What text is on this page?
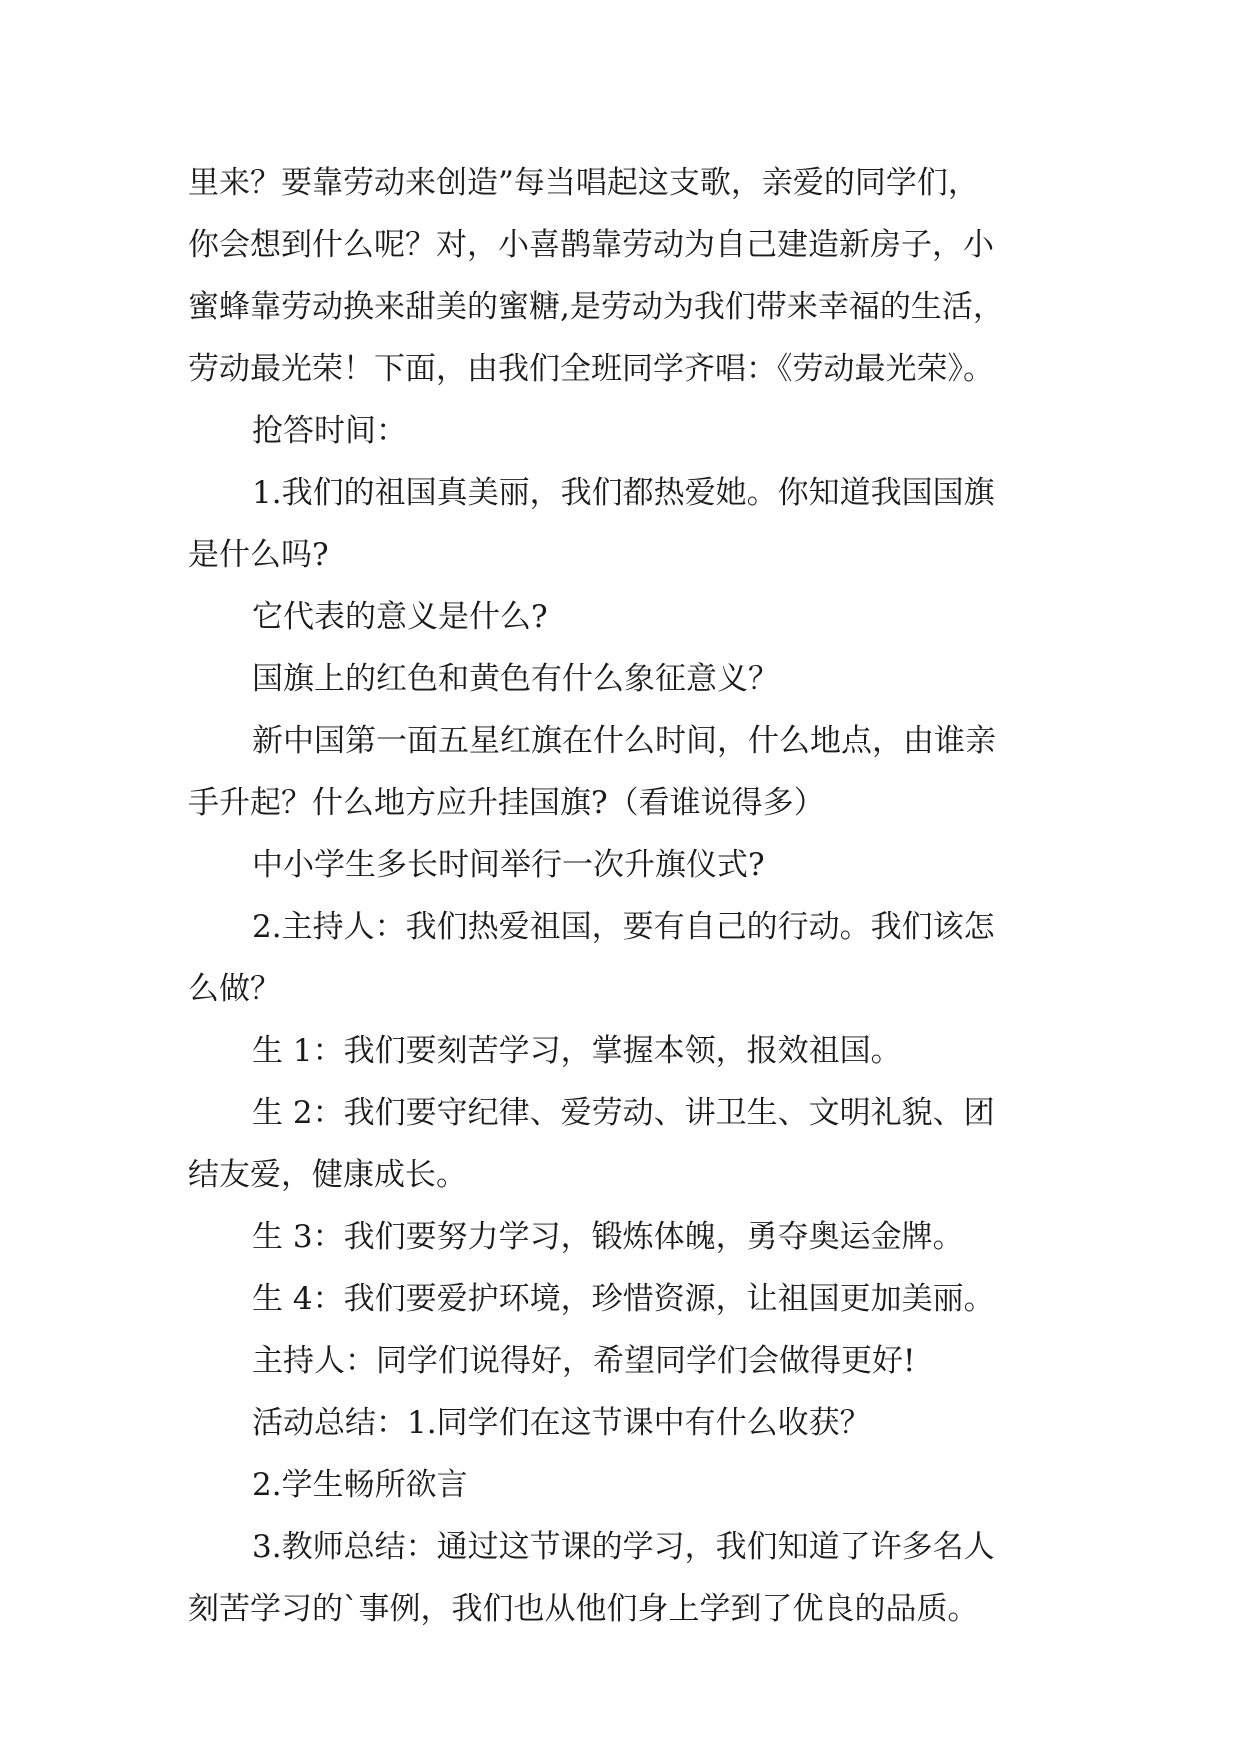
里来？要靠劳动来创造”每当唱起这支歌，亲爱的同学们，
你会想到什么呢？对，小喜鹊靠劳动为自己建造新房子，小
蜜蜂靠劳动换来甜美的蜜糖,是劳动为我们带来幸福的生活，
劳动最光荣！下面，由我们全班同学齐唱：《劳动最光荣》。

抢答时间：

1.我们的祖国真美丽，我们都热爱她。你知道我国国旗
是什么吗?

它代表的意义是什么?

国旗上的红色和黄色有什么象征意义？

新中国第一面五星红旗在什么时间，什么地点，由谁亲
手升起？什么地方应升挂国旗?（看谁说得多）

中小学生多长时间举行一次升旗仪式?

2.主持人：我们热爱祖国，要有自己的行动。我们该怎
么做？

生 1：我们要刻苦学习，掌握本领，报效祖国。

生 2：我们要守纪律、爱劳动、讲卫生、文明礼貌、团
结友爱，健康成长。

生 3：我们要努力学习，锻炼体魄，勇夺奥运金牌。

生 4：我们要爱护环境，珍惜资源，让祖国更加美丽。

主持人：同学们说得好，希望同学们会做得更好!

活动总结：1.同学们在这节课中有什么收获？

2.学生畅所欲言

3.教师总结：通过这节课的学习，我们知道了许多名人
刻苦学习的`事例，我们也从他们身上学到了优良的品质。
